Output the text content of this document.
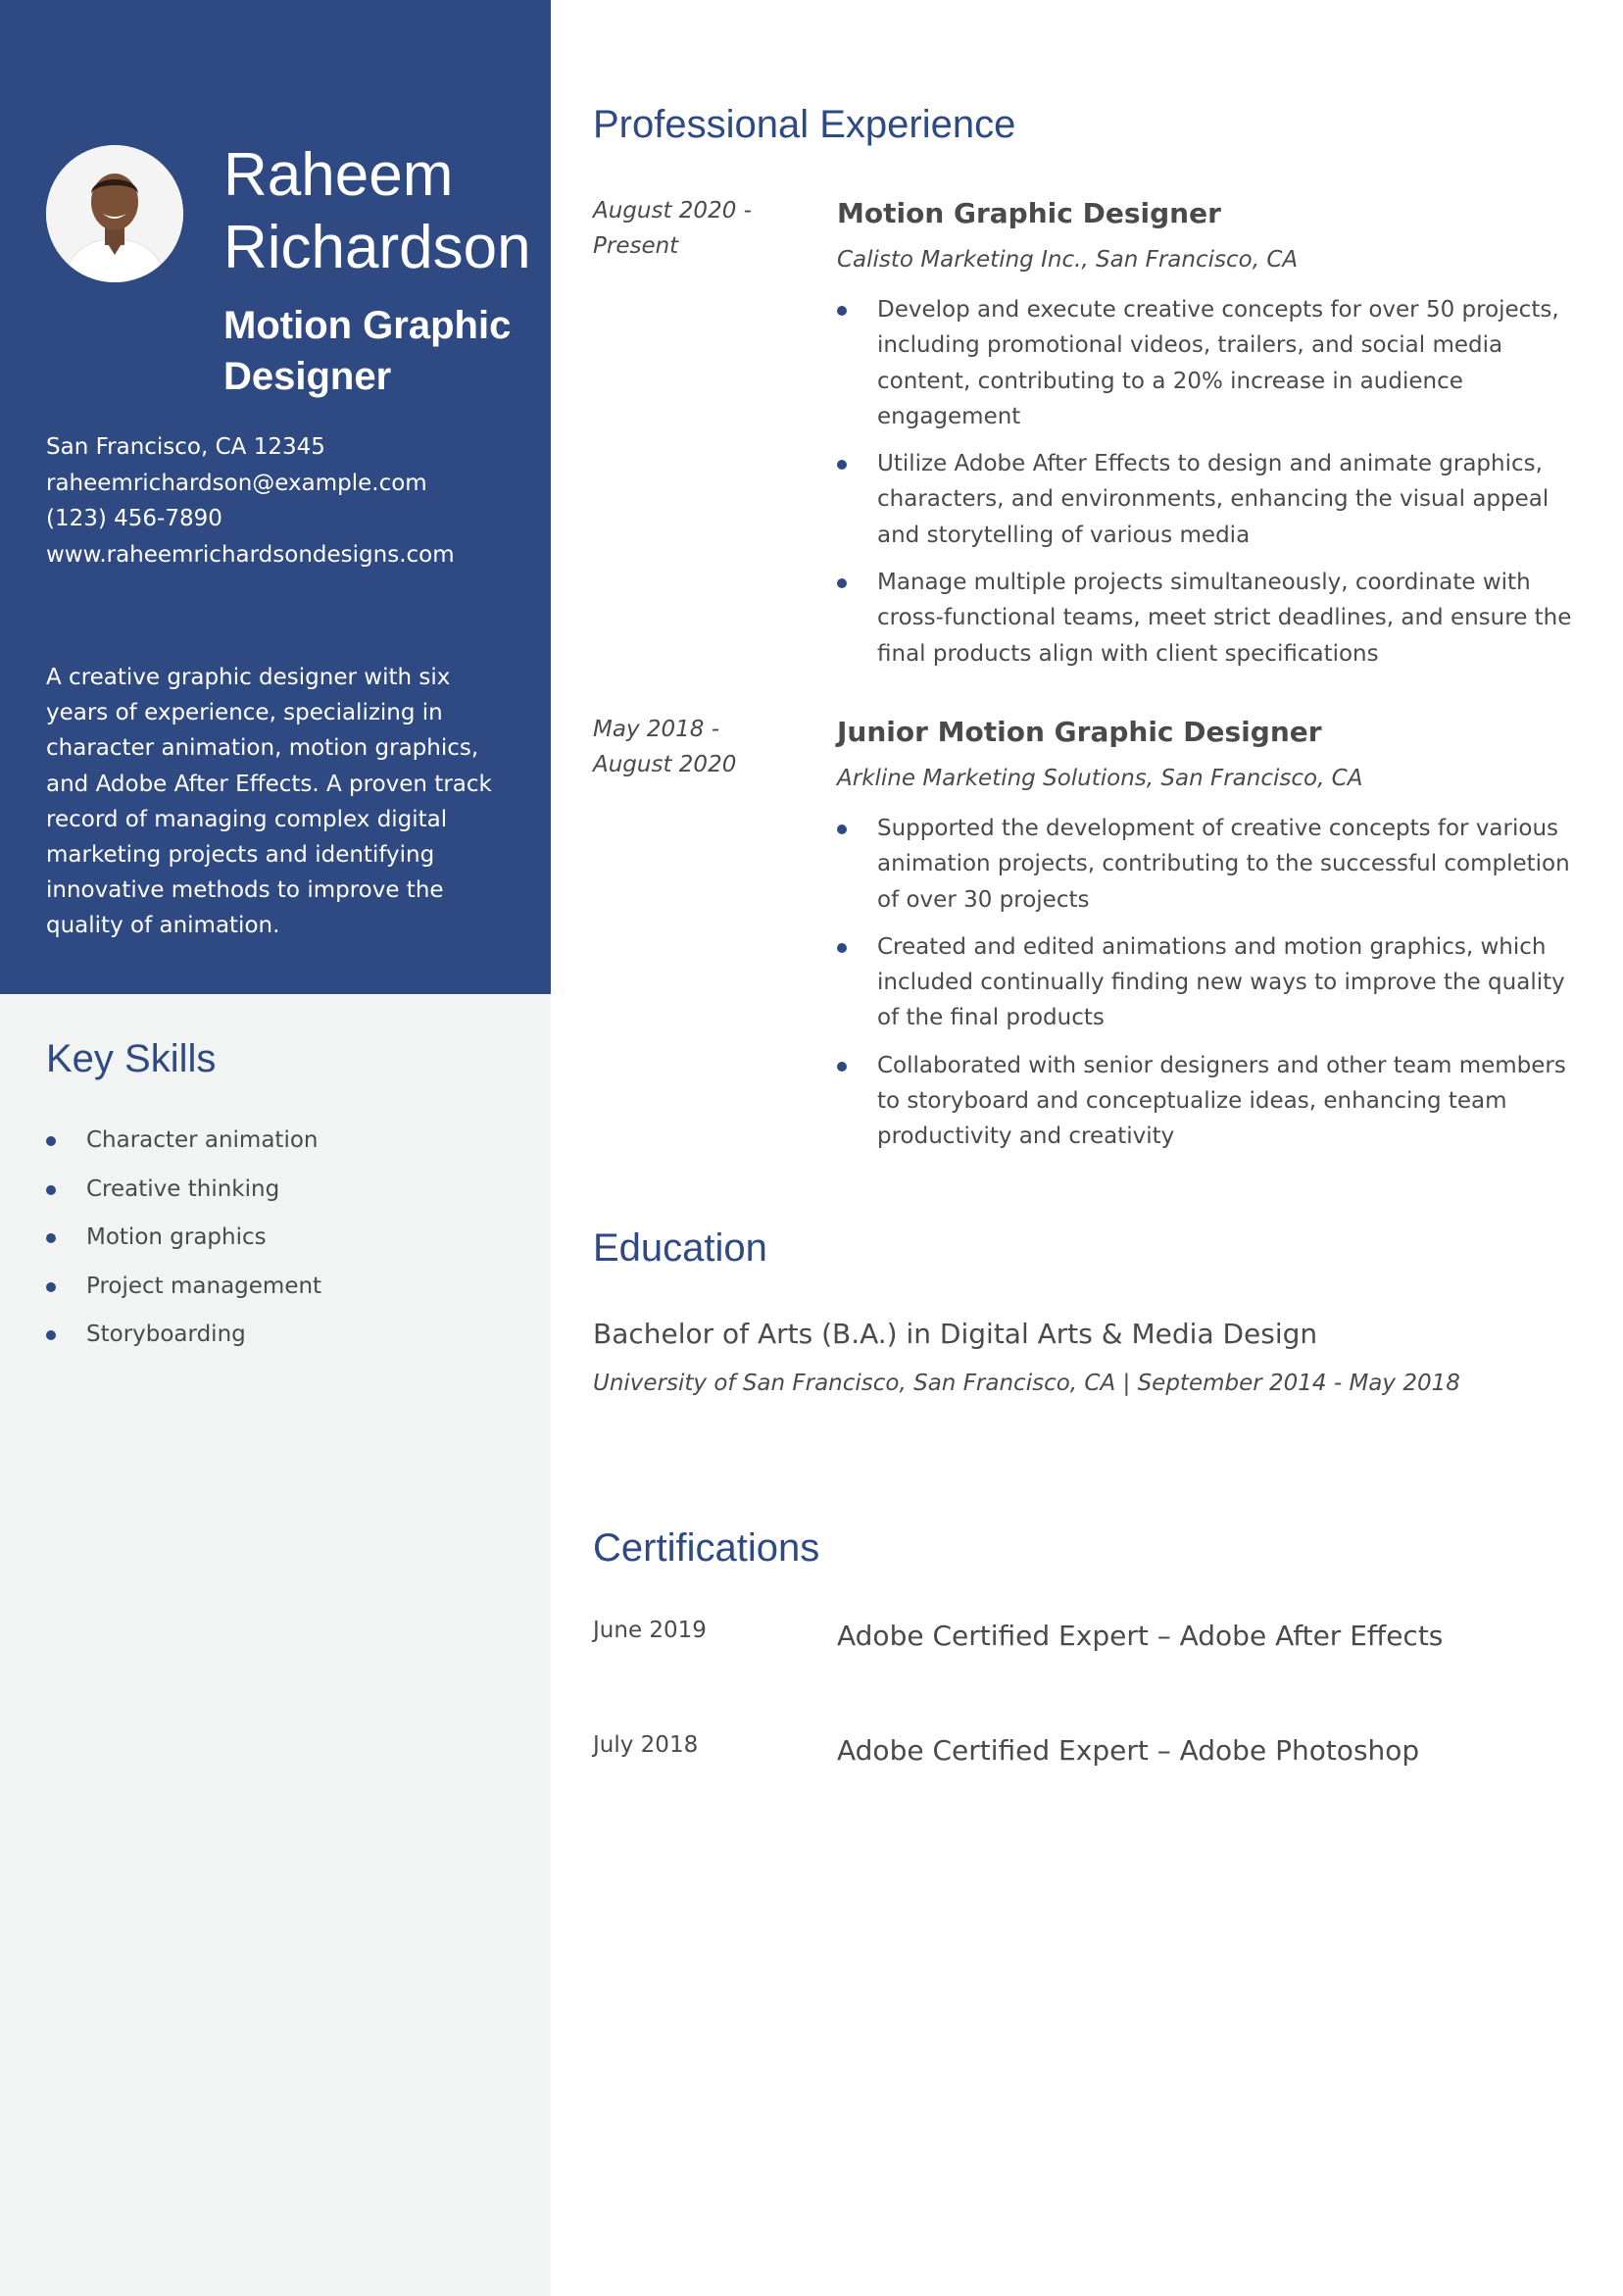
Raheem Richardson
Motion Graphic Designer
San Francisco, CA 12345
raheemrichardson@example.com
(123) 456-7890
www.raheemrichardsondesigns.com

A creative graphic designer with six years of experience, specializing in character animation, motion graphics, and Adobe After Effects. A proven track record of managing complex digital marketing projects and identifying innovative methods to improve the quality of animation.

Key Skills
Character animation
Creative thinking
Motion graphics
Project management
Storyboarding
Professional Experience
August 2020 - Present
Motion Graphic Designer
Calisto Marketing Inc., San Francisco, CA
Develop and execute creative concepts for over 50 projects, including promotional videos, trailers, and social media content, contributing to a 20% increase in audience engagement
Utilize Adobe After Effects to design and animate graphics, characters, and environments, enhancing the visual appeal and storytelling of various media
Manage multiple projects simultaneously, coordinate with cross-functional teams, meet strict deadlines, and ensure the final products align with client specifications
May 2018 - August 2020
Junior Motion Graphic Designer
Arkline Marketing Solutions, San Francisco, CA
Supported the development of creative concepts for various animation projects, contributing to the successful completion of over 30 projects
Created and edited animations and motion graphics, which included continually finding new ways to improve the quality of the final products
Collaborated with senior designers and other team members to storyboard and conceptualize ideas, enhancing team productivity and creativity
Education
Bachelor of Arts (B.A.) in Digital Arts & Media Design
University of San Francisco, San Francisco, CA | September 2014 - May 2018
Certifications
June 2019	Adobe Certified Expert – Adobe After Effects
July 2018	Adobe Certified Expert – Adobe Photoshop
